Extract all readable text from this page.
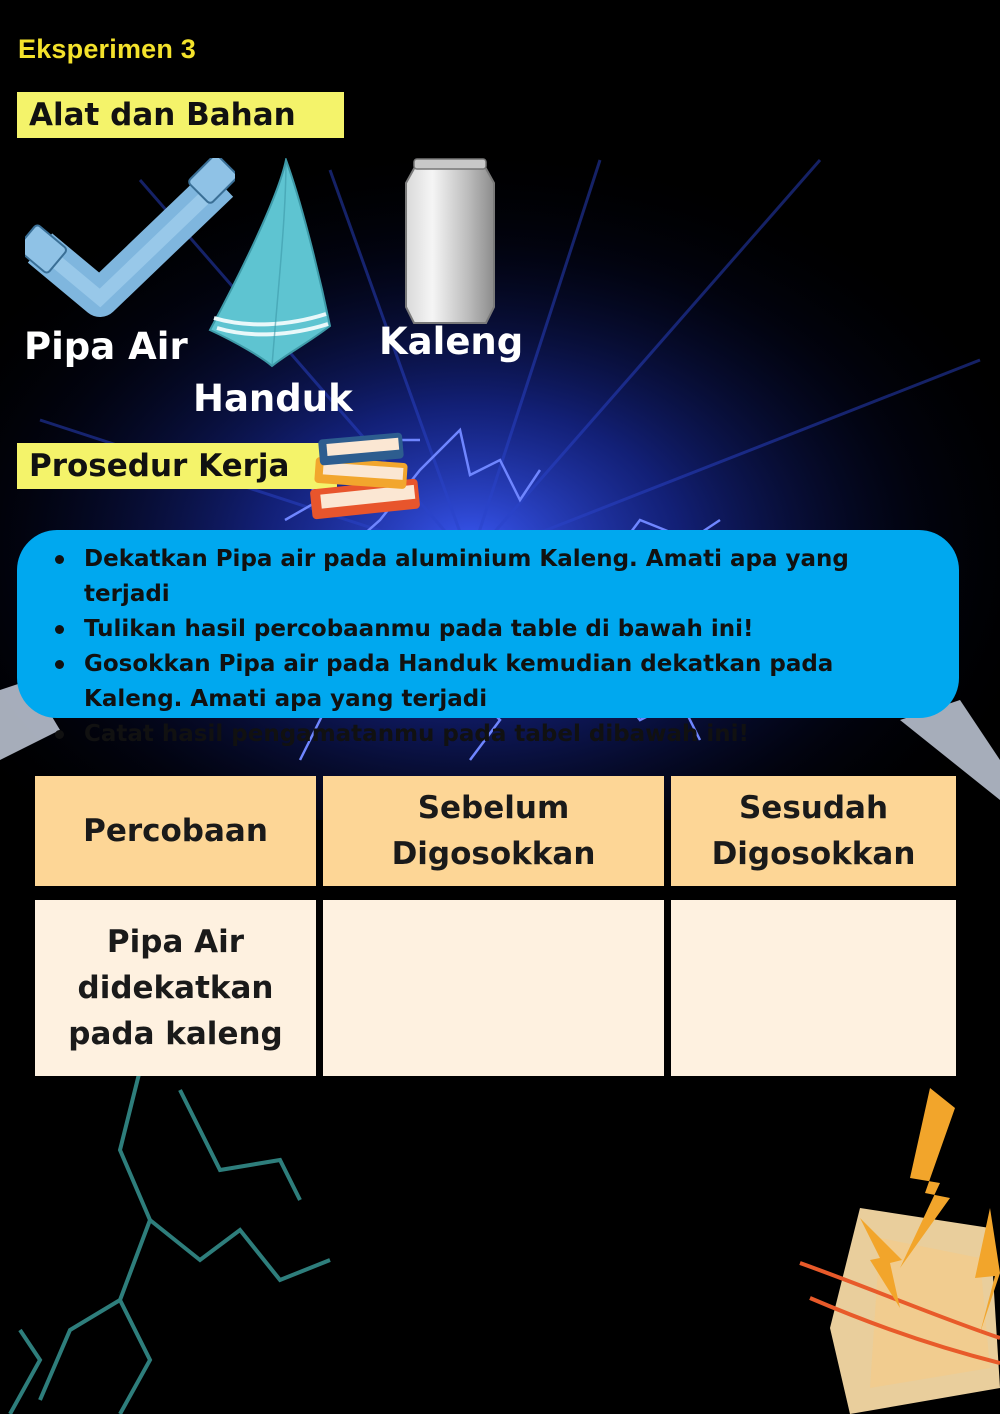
Eksperimen 3
Alat dan Bahan
Pipa Air
Handuk
Kaleng
Prosedur Kerja
Dekatkan Pipa air pada aluminium Kaleng. Amati apa yang terjadi
Tulikan hasil percobaanmu pada table di bawah ini!
Gosokkan Pipa air pada Handuk kemudian dekatkan pada Kaleng. Amati apa yang terjadi
Catat hasil pengamatanmu pada tabel dibawah ini!
Percobaan	Sebelum Digosokkan	Sesudah Digosokkan
Pipa Air didekatkan pada kaleng		
